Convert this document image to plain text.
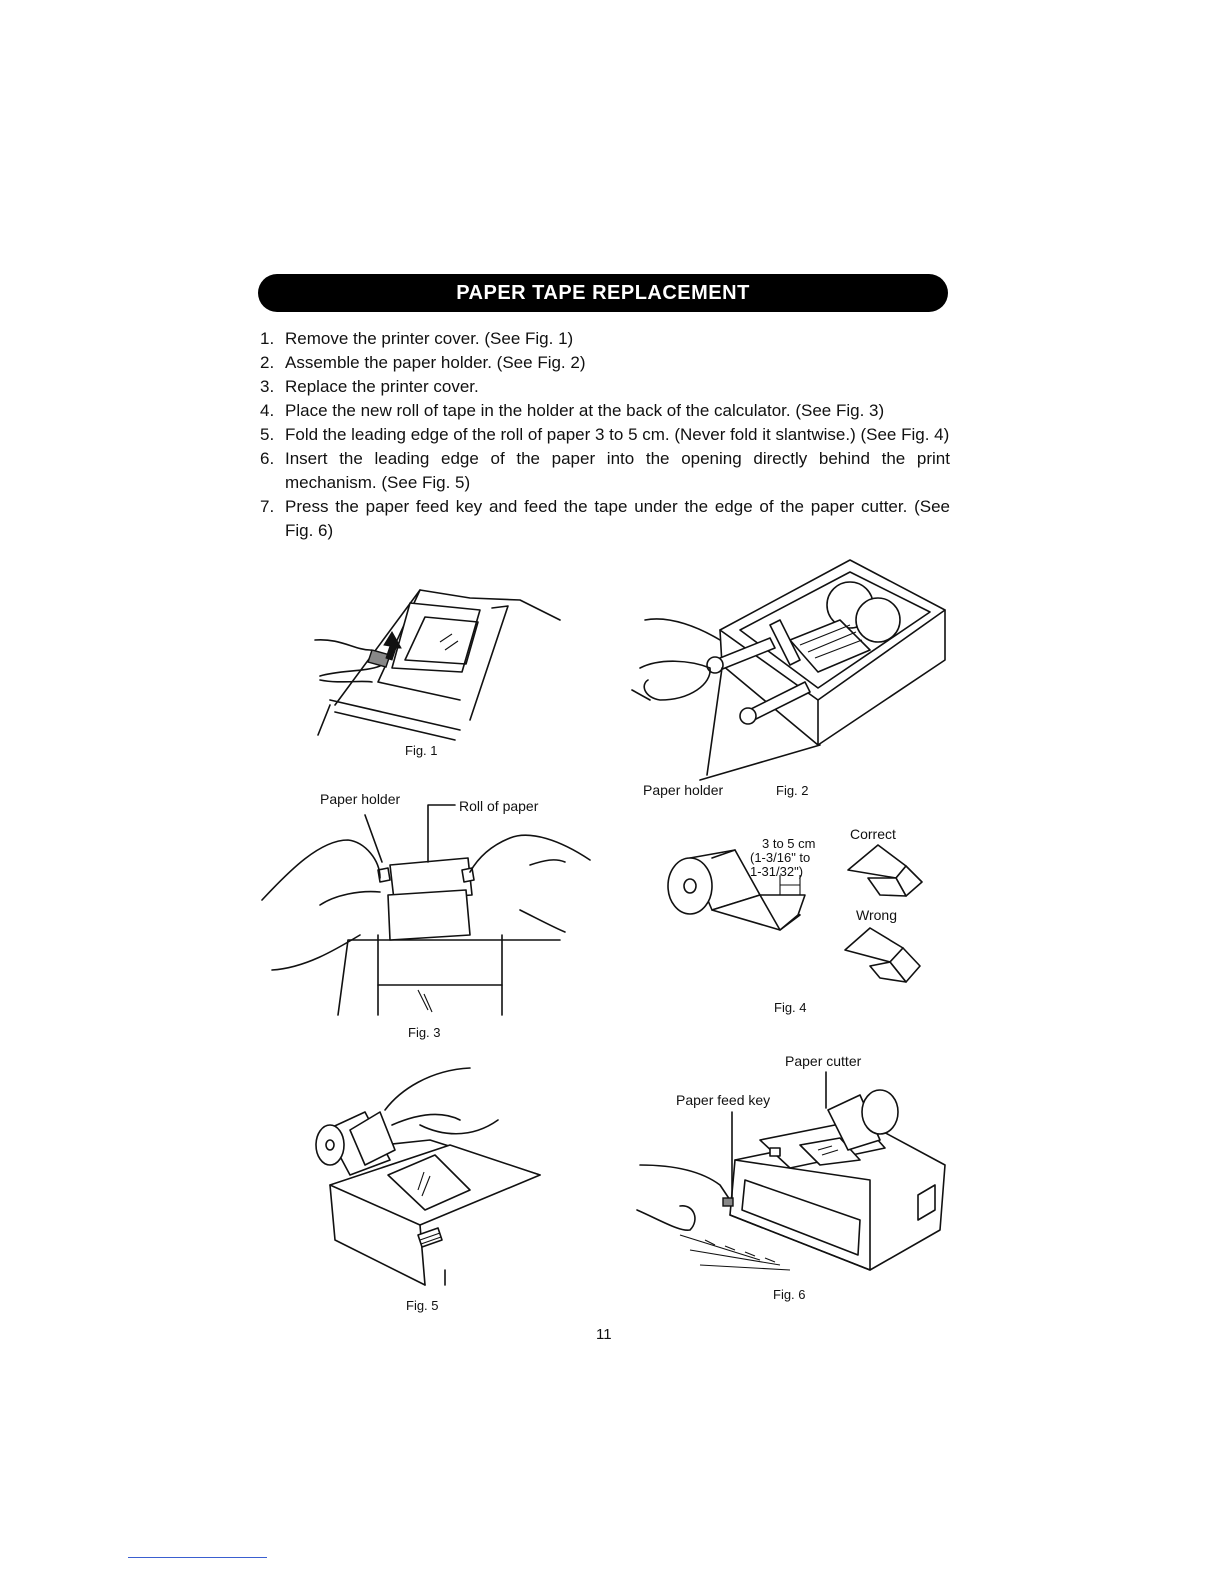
PAPER TAPE REPLACEMENT
1. Remove the printer cover. (See Fig. 1)
2. Assemble the paper holder. (See Fig. 2)
3. Replace the printer cover.
4. Place the new roll of tape in the holder at the back of the calculator. (See Fig. 3)
5. Fold the leading edge of the roll of paper 3 to 5 cm. (Never fold it slantwise.) (See Fig. 4)
6. Insert the leading edge of the paper into the opening directly behind the print mechanism. (See Fig. 5)
7. Press the paper feed key and feed the tape under the edge of the paper cutter. (See Fig. 6)
Paper holder
Paper holder	Roll of paper
3 to 5 cm
(1-3/16" to
1-31/32")
Correct
Wrong
Paper cutter
Paper feed key
Fig. 1
Fig. 2
Fig. 3
Fig. 4
Fig. 5
Fig. 6
11
